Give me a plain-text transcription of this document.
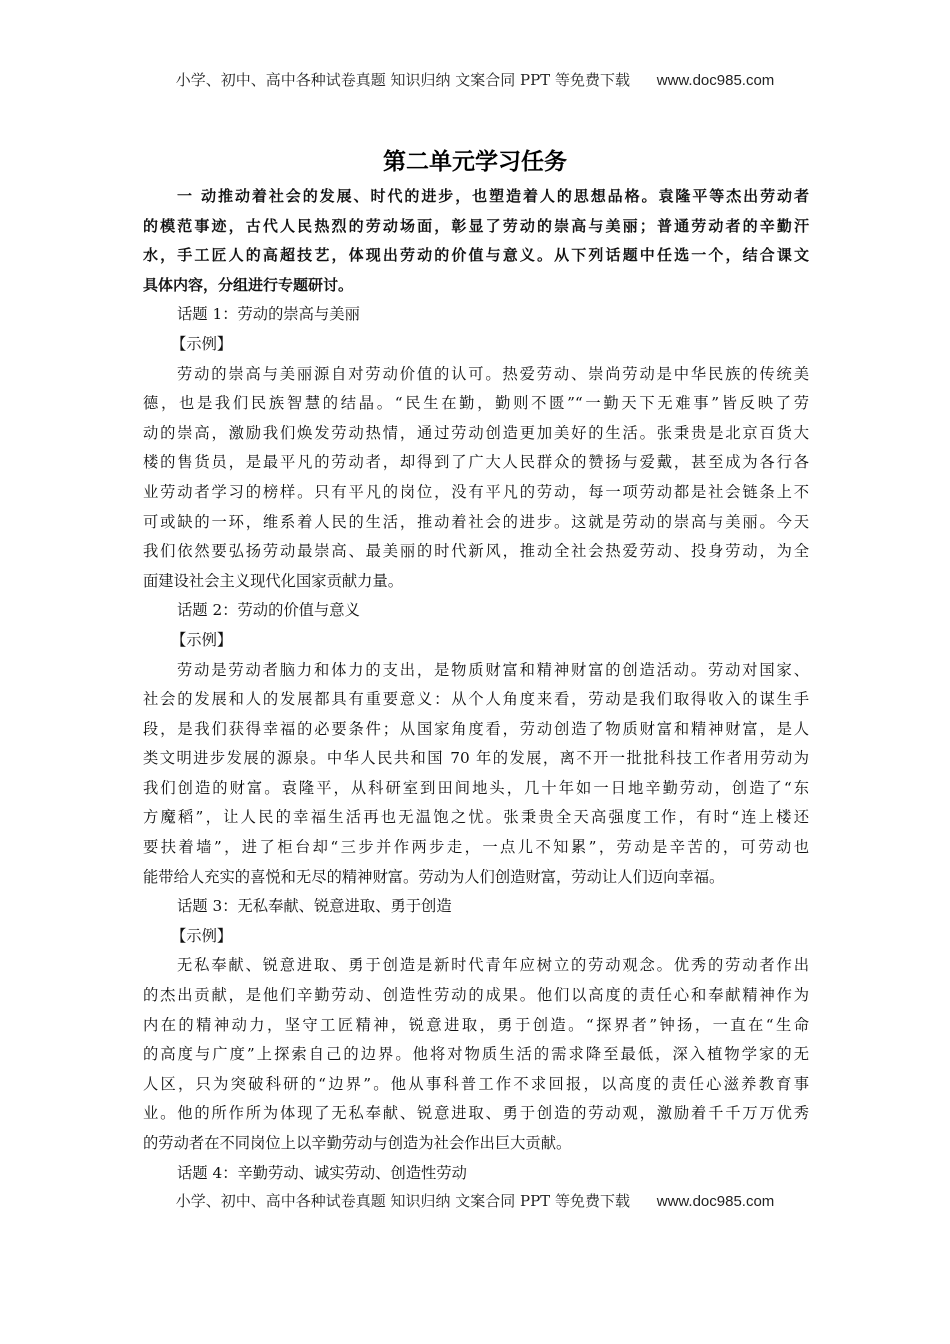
小学、初中、高中各种试卷真题 知识归纳 文案合同 PPT 等免费下载 www.doc985.com
第二单元学习任务
一 动推动着社会的发展、时代的进步，也塑造着人的思想品格。袁隆平等杰出劳动者
的模范事迹，古代人民热烈的劳动场面，彰显了劳动的崇高与美丽；普通劳动者的辛勤汗
水，手工匠人的高超技艺，体现出劳动的价值与意义。从下列话题中任选一个，结合课文
具体内容，分组进行专题研讨。
话题 1：劳动的崇高与美丽
【示例】
劳动的崇高与美丽源自对劳动价值的认可。热爱劳动、崇尚劳动是中华民族的传统美
德，也是我们民族智慧的结晶。“民生在勤，勤则不匮”“一勤天下无难事”皆反映了劳
动的崇高，激励我们焕发劳动热情，通过劳动创造更加美好的生活。张秉贵是北京百货大
楼的售货员，是最平凡的劳动者，却得到了广大人民群众的赞扬与爱戴，甚至成为各行各
业劳动者学习的榜样。只有平凡的岗位，没有平凡的劳动，每一项劳动都是社会链条上不
可或缺的一环，维系着人民的生活，推动着社会的进步。这就是劳动的崇高与美丽。今天
我们依然要弘扬劳动最崇高、最美丽的时代新风，推动全社会热爱劳动、投身劳动，为全
面建设社会主义现代化国家贡献力量。
话题 2：劳动的价值与意义
【示例】
劳动是劳动者脑力和体力的支出，是物质财富和精神财富的创造活动。劳动对国家、
社会的发展和人的发展都具有重要意义：从个人角度来看，劳动是我们取得收入的谋生手
段，是我们获得幸福的必要条件；从国家角度看，劳动创造了物质财富和精神财富，是人
类文明进步发展的源泉。中华人民共和国 70 年的发展，离不开一批批科技工作者用劳动为
我们创造的财富。袁隆平，从科研室到田间地头，几十年如一日地辛勤劳动，创造了“东
方魔稻”，让人民的幸福生活再也无温饱之忧。张秉贵全天高强度工作，有时“连上楼还
要扶着墙”，进了柜台却“三步并作两步走，一点儿不知累”，劳动是辛苦的，可劳动也
能带给人充实的喜悦和无尽的精神财富。劳动为人们创造财富，劳动让人们迈向幸福。
话题 3：无私奉献、锐意进取、勇于创造
【示例】
无私奉献、锐意进取、勇于创造是新时代青年应树立的劳动观念。优秀的劳动者作出
的杰出贡献，是他们辛勤劳动、创造性劳动的成果。他们以高度的责任心和奉献精神作为
内在的精神动力，坚守工匠精神，锐意进取，勇于创造。“探界者”钟扬，一直在“生命
的高度与广度”上探索自己的边界。他将对物质生活的需求降至最低，深入植物学家的无
人区，只为突破科研的“边界”。他从事科普工作不求回报，以高度的责任心滋养教育事
业。他的所作所为体现了无私奉献、锐意进取、勇于创造的劳动观，激励着千千万万优秀
的劳动者在不同岗位上以辛勤劳动与创造为社会作出巨大贡献。
话题 4：辛勤劳动、诚实劳动、创造性劳动
小学、初中、高中各种试卷真题 知识归纳 文案合同 PPT 等免费下载 www.doc985.com
